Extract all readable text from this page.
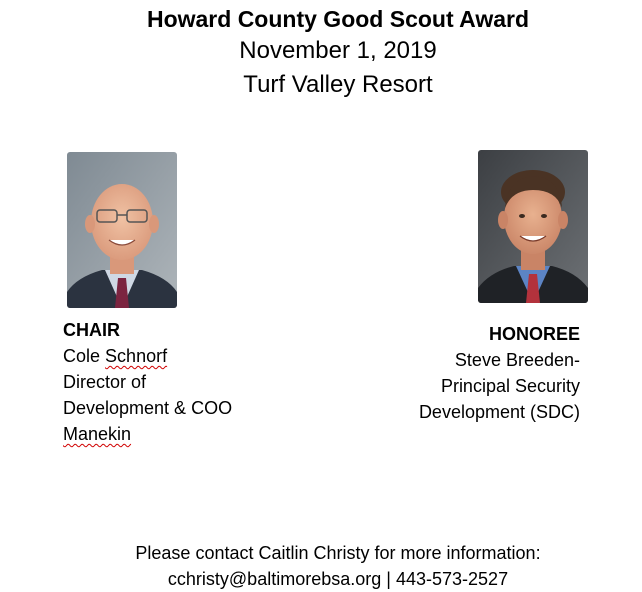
Howard County Good Scout Award
November 1, 2019
Turf Valley Resort
CHAIR
Cole Schnorf
Director of
Development & COO
Manekin
HONOREE
Steve Breeden-
Principal Security
Development (SDC)
Please contact Caitlin Christy for more information:
cchristy@baltimorebsa.org | 443-573-2527
